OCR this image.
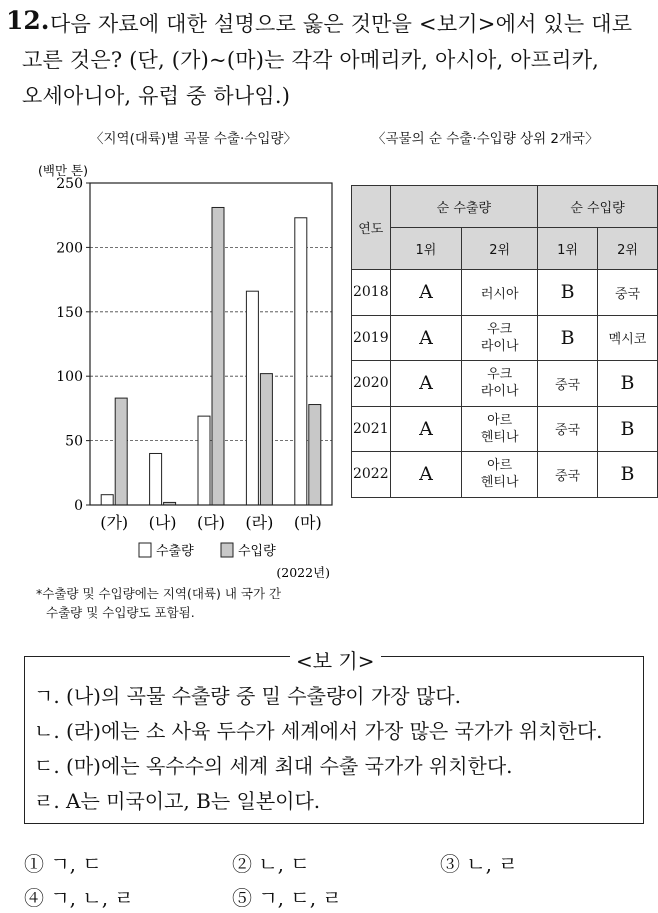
12. 다음 자료에 대한 설명으로 옳은 것만을 <보기>에서 있는 대로
고른 것은? (단, (가)~(마)는 각각 아메리카, 아시아, 아프리카,
오세아니아, 유럽 중 하나임.)
〈지역(대륙)별 곡물 수출·수입량〉	〈곡물의 순 수출·수입량 상위 2개국〉
0
50
100
150
200
250
(가) (나) (다) (라) (마)
(백만 톤)
수출량	수입량
(2022년)
*수출량 및 수입량에는 지역(대륙) 내 국가 간
수출량 및 수입량도 포함됨.
연도	순 수출량		순 수입량	
	1위	2위	1위	2위
2018	A	러시아	B	중국
2019	A	우크 라이나	B	멕시코
2020	A	우크 라이나	중국	B
2021	A	아르 헨티나	중국	B
2022	A	아르 헨티나	중국	B
<보 기>
ㄱ. (나)의 곡물 수출량 중 밀 수출량이 가장 많다.
ㄴ. (라)에는 소 사육 두수가 세계에서 가장 많은 국가가 위치한다.
ㄷ. (마)에는 옥수수의 세계 최대 수출 국가가 위치한다.
ㄹ. A는 미국이고, B는 일본이다.
① ㄱ, ㄷ	② ㄴ, ㄷ	③ ㄴ, ㄹ
④ ㄱ, ㄴ, ㄹ	⑤ ㄱ, ㄷ, ㄹ
